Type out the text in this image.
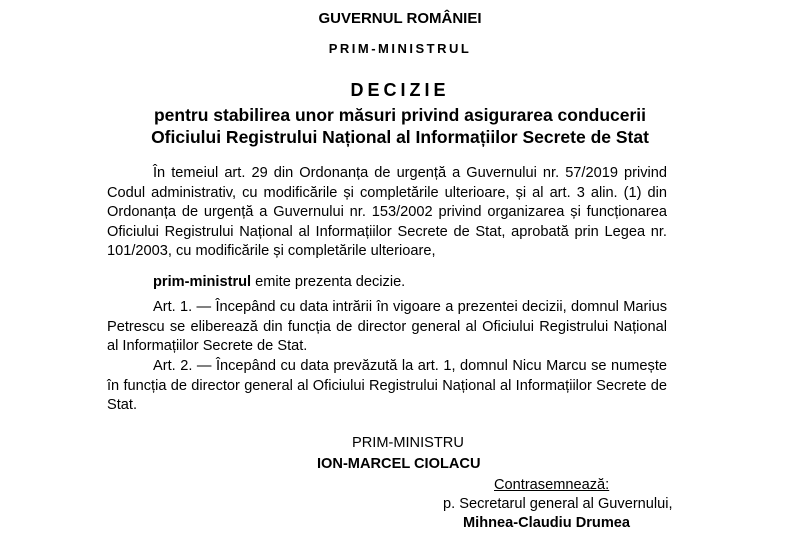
GUVERNUL ROMÂNIEI
PRIM-MINISTRUL
DECIZIE
pentru stabilirea unor măsuri privind asigurarea conducerii
Oficiului Registrului Național al Informațiilor Secrete de Stat
În temeiul art. 29 din Ordonanța de urgență a Guvernului nr. 57/2019 privind Codul administrativ, cu modificările și completările ulterioare, și al art. 3 alin. (1) din Ordonanța de urgență a Guvernului nr. 153/2002 privind organizarea și funcționarea Oficiului Registrului Național al Informațiilor Secrete de Stat, aprobată prin Legea nr. 101/2003, cu modificările și completările ulterioare,
prim-ministrul emite prezenta decizie.
Art. 1. — Începând cu data intrării în vigoare a prezentei decizii, domnul Marius Petrescu se eliberează din funcția de director general al Oficiului Registrului Național al Informațiilor Secrete de Stat.
Art. 2. — Începând cu data prevăzută la art. 1, domnul Nicu Marcu se numește în funcția de director general al Oficiului Registrului Național al Informațiilor Secrete de Stat.
PRIM-MINISTRU
ION-MARCEL CIOLACU
Contrasemnează:
p. Secretarul general al Guvernului,
Mihnea-Claudiu Drumea
